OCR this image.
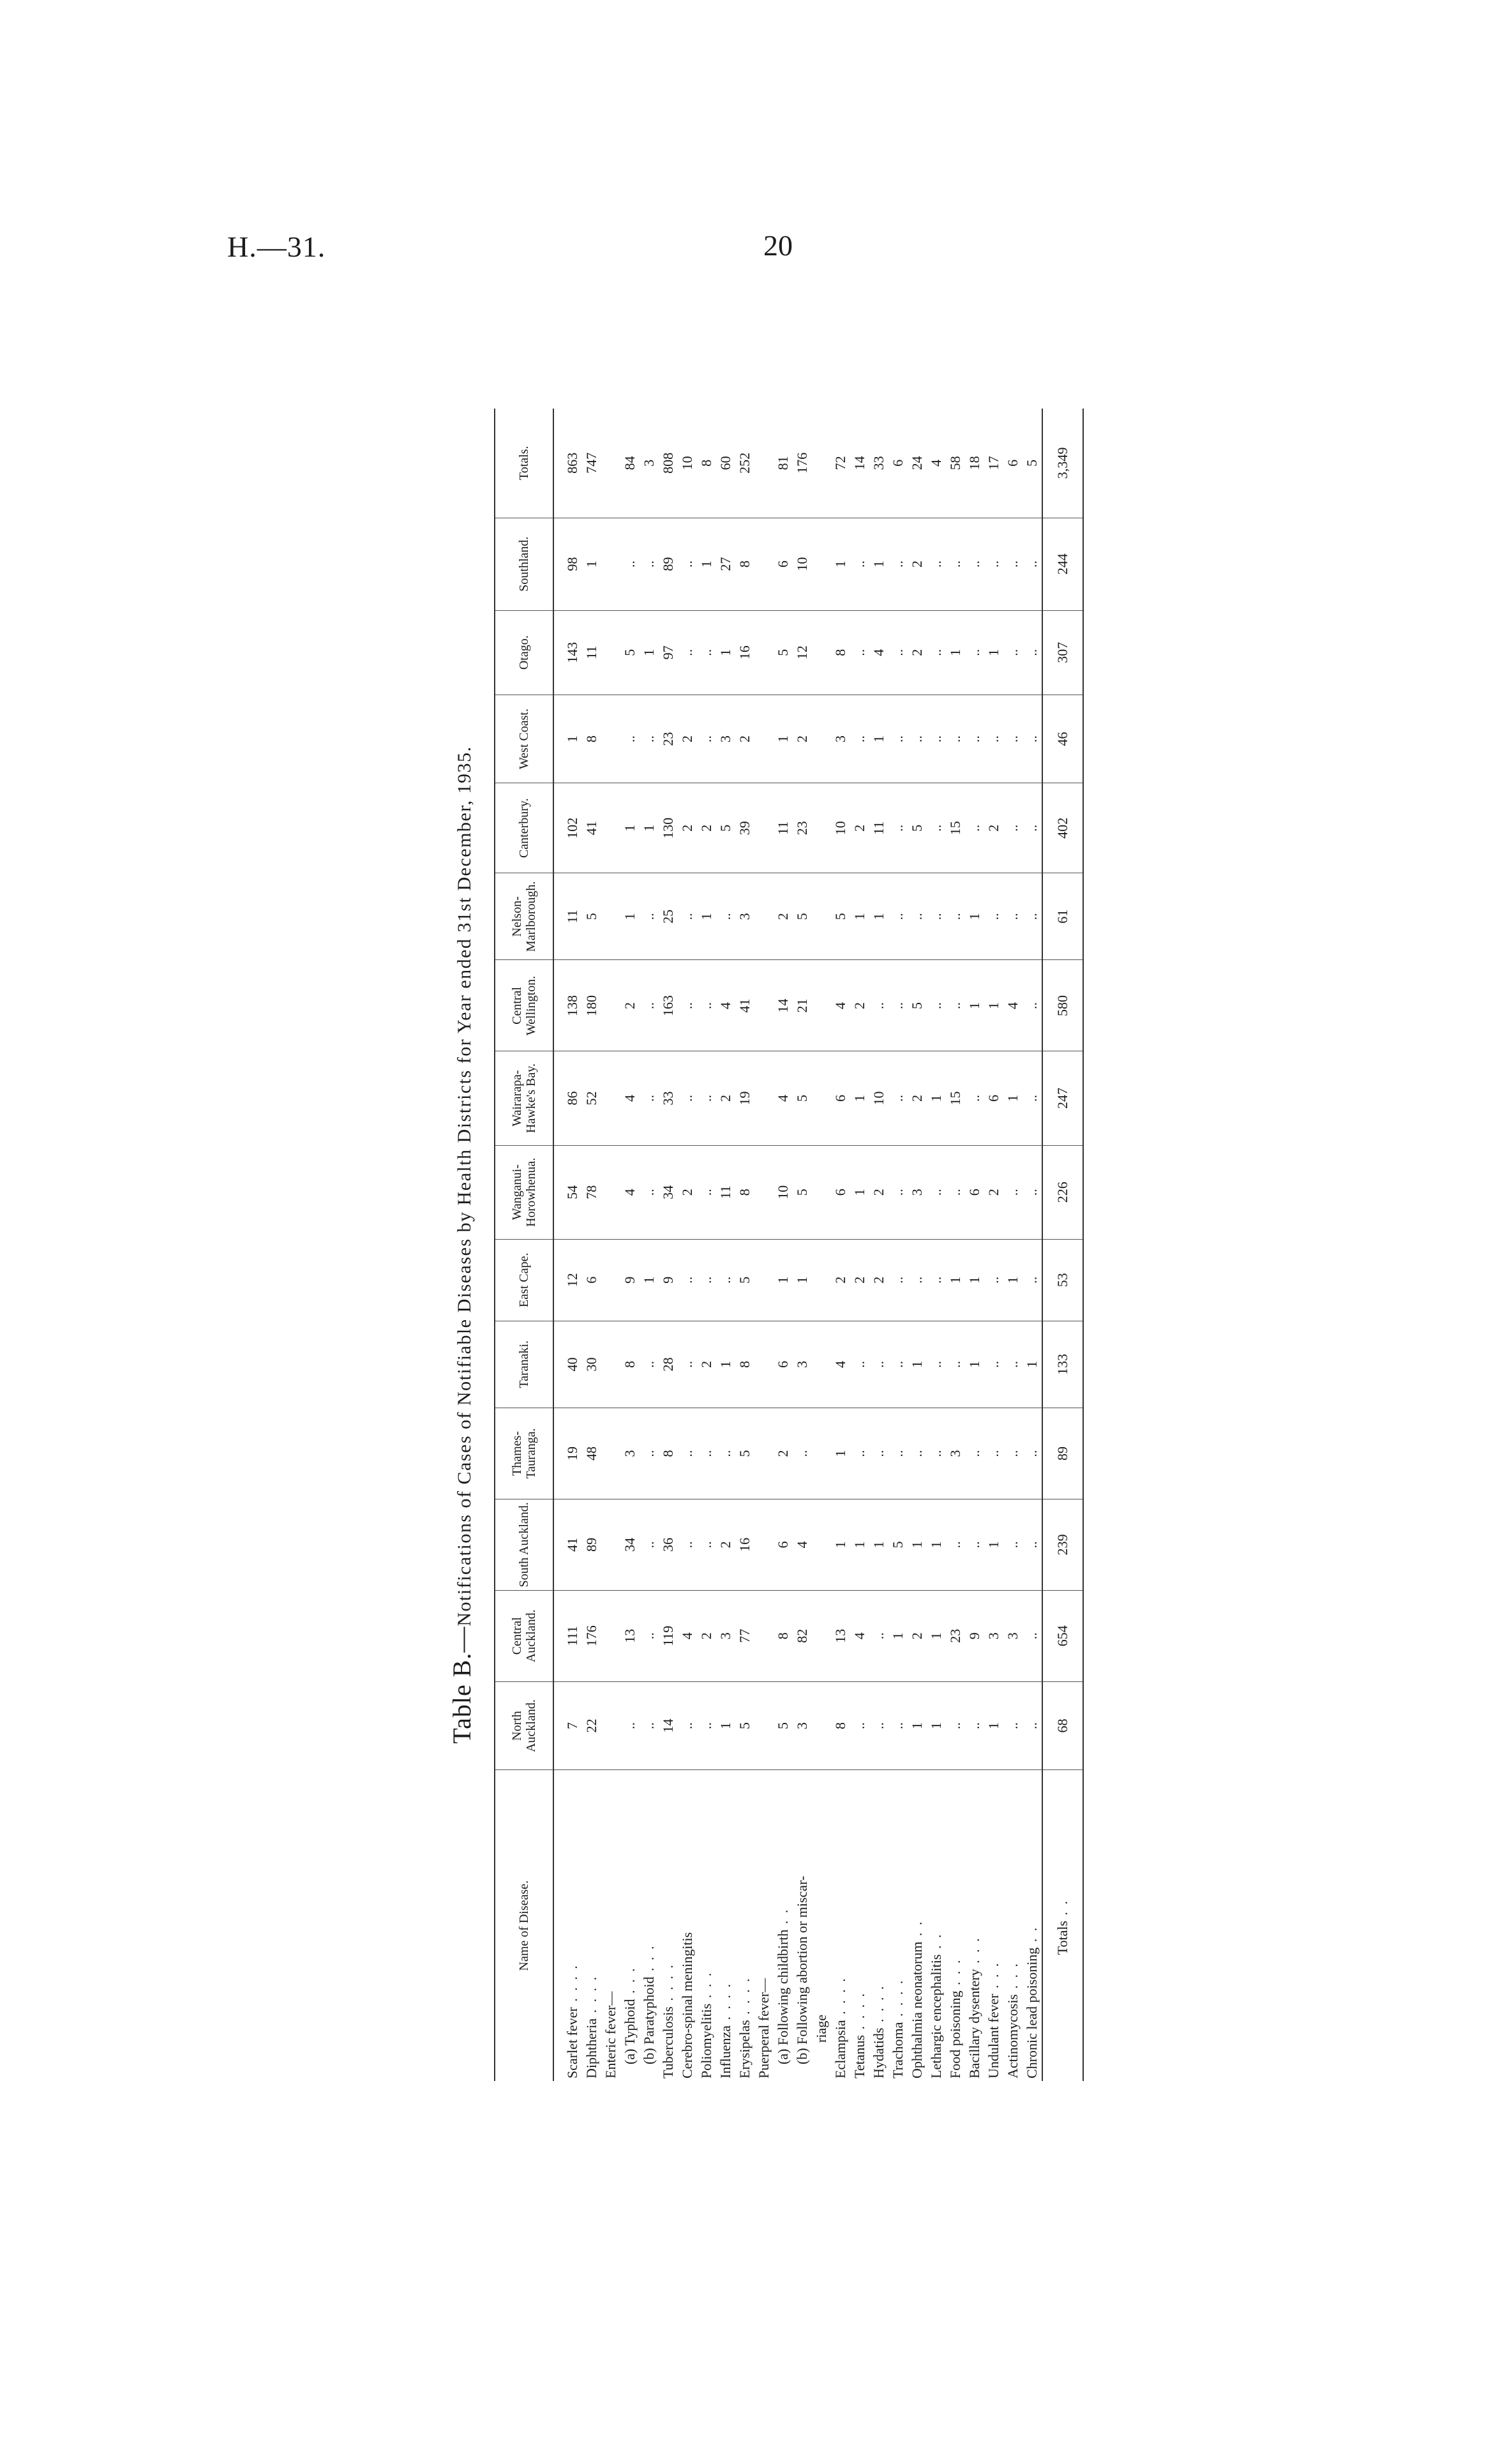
H.—31.	20
Table B.—Notifications of Cases of Notifiable Diseases by Health Districts for Year ended 31st December, 1935.
Name of Disease.	North Auckland.	Central Auckland.	South Auckland.	Thames-Tauranga.	Taranaki.	East Cape.	Wanganui-Horowhenua.	Wairarapa-Hawke's Bay.	Central Wellington.	Nelson-Marlborough.	Canterbury.	West Coast.	Otago.	Southland.	Totals.
Scarlet fever . . . .	7	111	41	19	40	12	54	86	138	11	102	1	143	98	863
Diphtheria . . . .	22	176	89	48	30	6	78	52	180	5	41	8	11	1	747
Enteric fever—															
(a) Typhoid . . .	..	13	34	3	8	9	4	4	2	1	1	..	5	..	84
(b) Paratyphoid . . .	..	..	..	..	..	1	..	..	..	..	1	..	1	..	3
Tuberculosis . . . .	14	119	36	8	28	9	34	33	163	25	130	23	97	89	808
Cerebro-spinal meningitis	..	4	..	..	..	..	2	..	..	..	2	2	..	..	10
Poliomyelitis . . .	..	2	..	..	2	..	..	..	..	1	2	..	..	1	8
Influenza . . . .	1	3	2	..	1	..	11	2	4	..	5	3	1	27	60
Erysipelas . . . .	5	77	16	5	8	5	8	19	41	3	39	2	16	8	252
Puerperal fever—															
(a) Following childbirth . .	5	8	6	2	6	1	10	4	14	2	11	1	5	6	81
(b) Following abortion or miscar-	3	82	4	..	3	1	5	5	21	5	23	2	12	10	176
riage															
Eclampsia . . . .	8	13	1	1	4	2	6	6	4	5	10	3	8	1	72
Tetanus . . . .	..	4	1	..	..	2	1	1	2	1	2	..	..	..	14
Hydatids . . . .	..	..	1	..	..	2	2	10	..	1	11	1	4	1	33
Trachoma . . . .	..	1	5	..	..	..	..	..	..	..	..	..	..	..	6
Ophthalmia neonatorum . .	1	2	1	..	1	..	3	2	5	..	5	..	2	2	24
Lethargic encephalitis . .	1	1	1	..	..	..	..	1	..	..	..	..	..	..	4
Food poisoning . . .	..	23	..	3	..	1	..	15	..	..	15	..	1	..	58
Bacillary dysentery . . .	..	9	..	..	1	1	6	..	1	1	..	..	..	..	18
Undulant fever . . .	1	3	1	..	..	..	2	6	1	..	2	..	1	..	17
Actinomycosis . . .	..	3	..	..	..	1	..	1	4	..	..	..	..	..	6
Chronic lead poisoning . .	..	..	..	..	1	..	..	..	..	..	..	..	..	..	5
Totals . .	68	654	239	89	133	53	226	247	580	61	402	46	307	244	3,349
